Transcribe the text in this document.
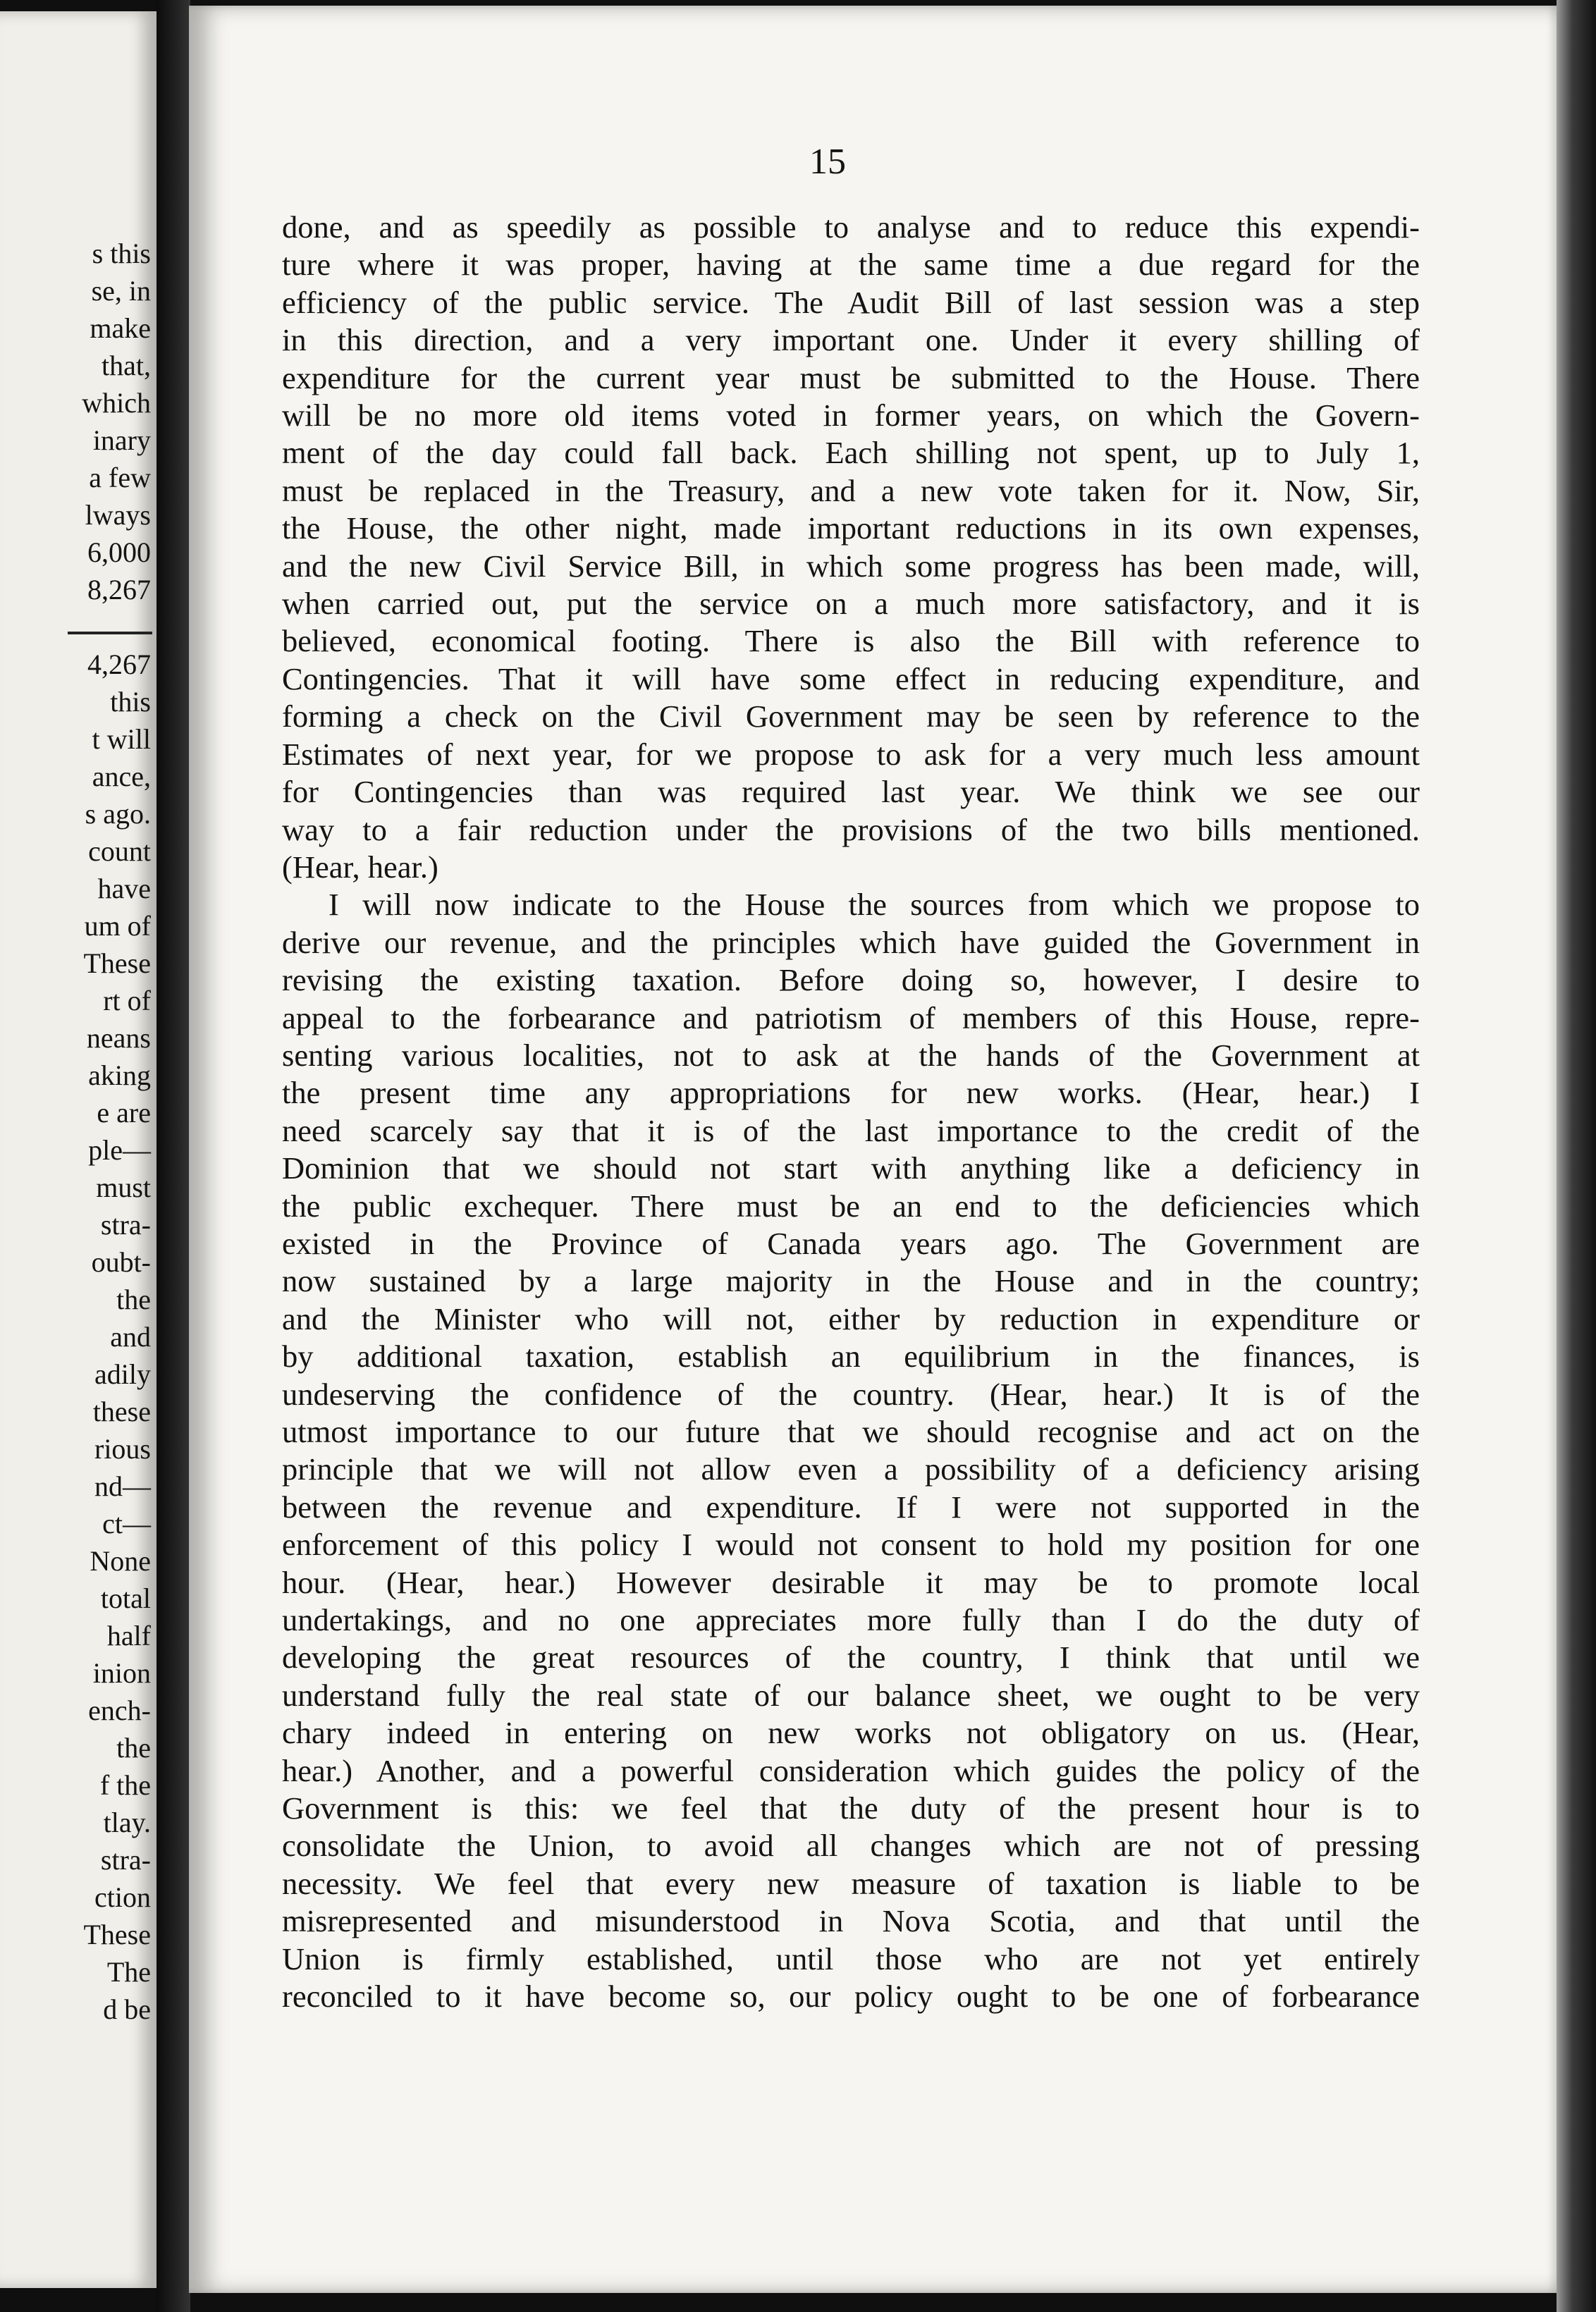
s this
se, in
make
that,
which
inary
a few
lways
6,000
8,267
4,267
this
t will
ance,
s ago.
count
have
um of
These
rt of
neans
aking
e are
ple—
must
stra-
oubt-
the
and
adily
these
rious
nd—
ct—
None
total
half
inion
ench-
the
f the
tlay.
stra-
ction
These
The
d be
15
done, and as speedily as possible to analyse and to reduce this expendi-
ture where it was proper, having at the same time a due regard for the
efficiency of the public service. The Audit Bill of last session was a step
in this direction, and a very important one. Under it every shilling of
expenditure for the current year must be submitted to the House. There
will be no more old items voted in former years, on which the Govern-
ment of the day could fall back. Each shilling not spent, up to July 1,
must be replaced in the Treasury, and a new vote taken for it. Now, Sir,
the House, the other night, made important reductions in its own expenses,
and the new Civil Service Bill, in which some progress has been made, will,
when carried out, put the service on a much more satisfactory, and it is
believed, economical footing. There is also the Bill with reference to
Contingencies. That it will have some effect in reducing expenditure, and
forming a check on the Civil Government may be seen by reference to the
Estimates of next year, for we propose to ask for a very much less amount
for Contingencies than was required last year. We think we see our
way to a fair reduction under the provisions of the two bills mentioned.
(Hear, hear.)
I will now indicate to the House the sources from which we propose to
derive our revenue, and the principles which have guided the Government in
revising the existing taxation. Before doing so, however, I desire to
appeal to the forbearance and patriotism of members of this House, repre-
senting various localities, not to ask at the hands of the Government at
the present time any appropriations for new works. (Hear, hear.) I
need scarcely say that it is of the last importance to the credit of the
Dominion that we should not start with anything like a deficiency in
the public exchequer. There must be an end to the deficiencies which
existed in the Province of Canada years ago. The Government are
now sustained by a large majority in the House and in the country;
and the Minister who will not, either by reduction in expenditure or
by additional taxation, establish an equilibrium in the finances, is
undeserving the confidence of the country. (Hear, hear.) It is of the
utmost importance to our future that we should recognise and act on the
principle that we will not allow even a possibility of a deficiency arising
between the revenue and expenditure. If I were not supported in the
enforcement of this policy I would not consent to hold my position for one
hour. (Hear, hear.) However desirable it may be to promote local
undertakings, and no one appreciates more fully than I do the duty of
developing the great resources of the country, I think that until we
understand fully the real state of our balance sheet, we ought to be very
chary indeed in entering on new works not obligatory on us. (Hear,
hear.) Another, and a powerful consideration which guides the policy of the
Government is this: we feel that the duty of the present hour is to
consolidate the Union, to avoid all changes which are not of pressing
necessity. We feel that every new measure of taxation is liable to be
misrepresented and misunderstood in Nova Scotia, and that until the
Union is firmly established, until those who are not yet entirely
reconciled to it have become so, our policy ought to be one of forbearance
